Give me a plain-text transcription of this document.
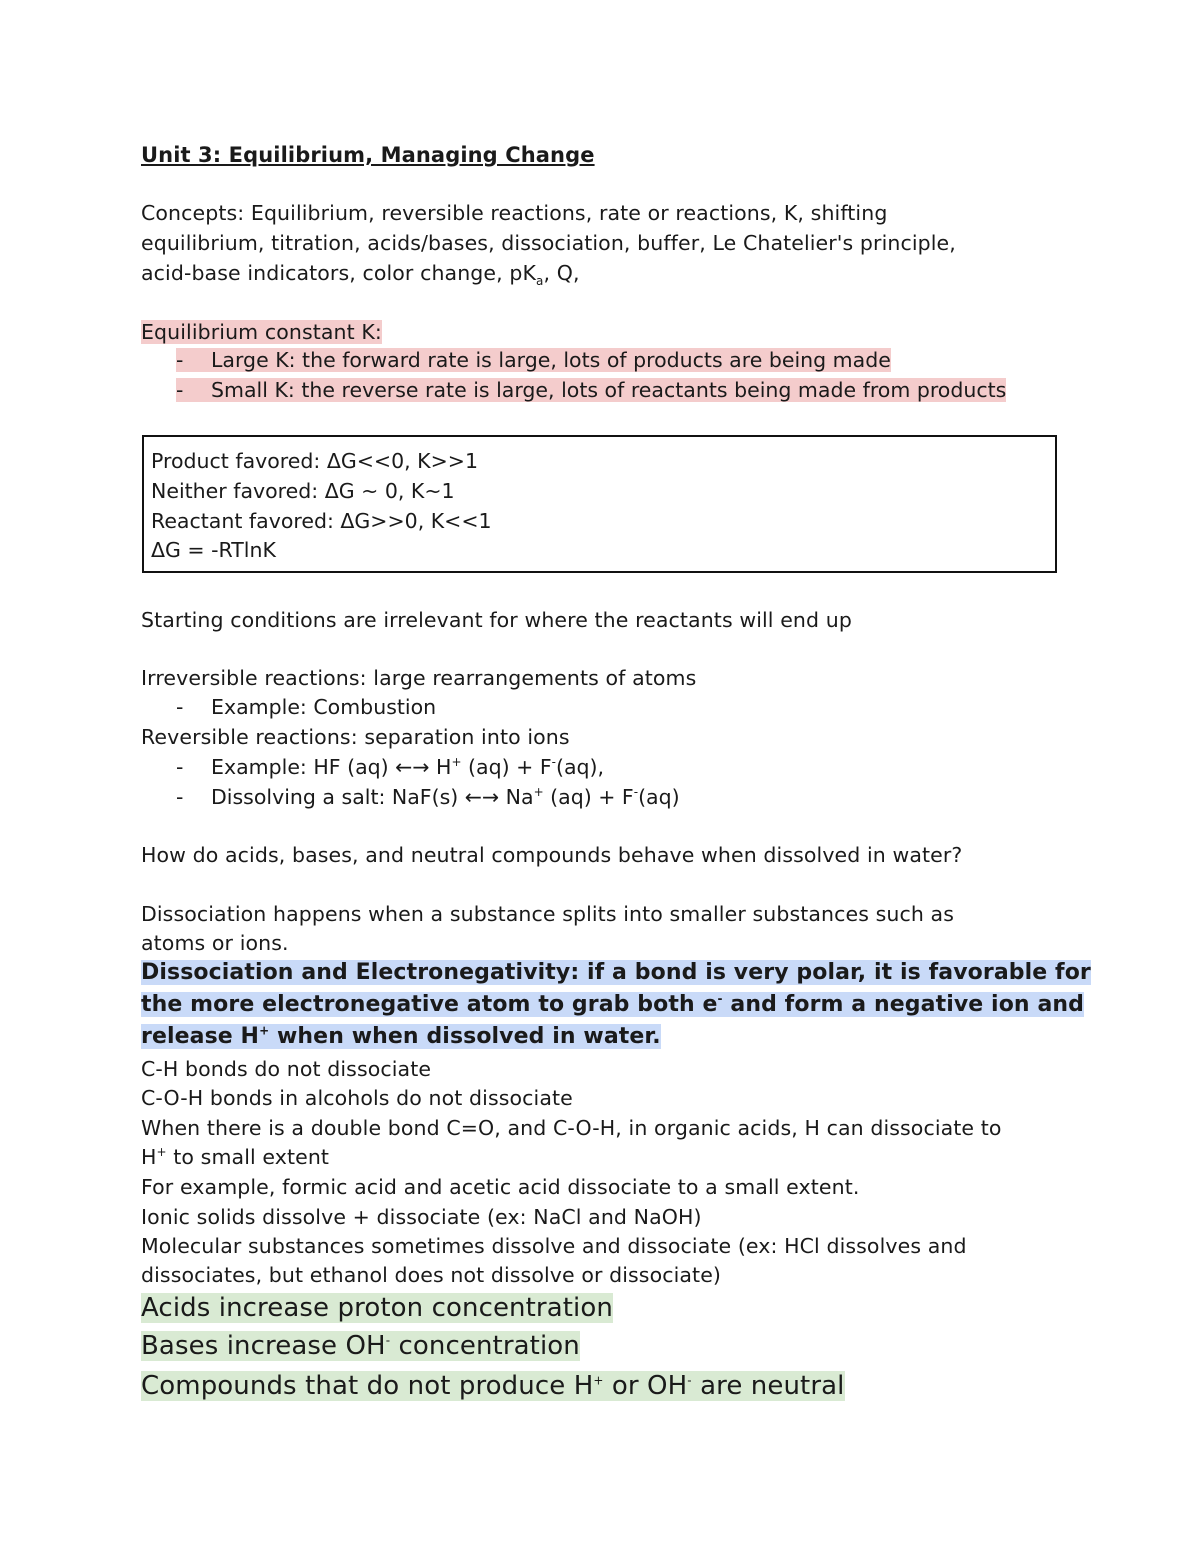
Unit 3: Equilibrium, Managing Change
Concepts: Equilibrium, reversible reactions, rate or reactions, K, shifting
equilibrium, titration, acids/bases, dissociation, buffer, Le Chatelier's principle,
acid-base indicators, color change, $pK_a$, Q,
Equilibrium constant K:
- Large K: the forward rate is large, lots of products are being made
- Small K: the reverse rate is large, lots of reactants being made from products
Product favored: ΔG<<0, K>>1
Neither favored: ΔG ~ 0, K~1
Reactant favored: ΔG>>0, K<<1
ΔG = -RTlnK
Starting conditions are irrelevant for where the reactants will end up
Irreversible reactions: large rearrangements of atoms
- Example: Combustion
Reversible reactions: separation into ions
- Example: HF (aq) ←→ H+ (aq) + F-(aq),
- Dissolving a salt: NaF(s) ←→ Na+ (aq) + F-(aq)
How do acids, bases, and neutral compounds behave when dissolved in water?
Dissociation happens when a substance splits into smaller substances such as
atoms or ions.
Dissociation and Electronegativity: if a bond is very polar, it is favorable for
the more electronegative atom to grab both e- and form a negative ion and
release H+ when when dissolved in water.
C-H bonds do not dissociate
C-O-H bonds in alcohols do not dissociate
When there is a double bond C=O, and C-O-H, in organic acids, H can dissociate to
H+ to small extent
For example, formic acid and acetic acid dissociate to a small extent.
Ionic solids dissolve + dissociate (ex: NaCl and NaOH)
Molecular substances sometimes dissolve and dissociate (ex: HCl dissolves and
dissociates, but ethanol does not dissolve or dissociate)
Acids increase proton concentration
Bases increase OH- concentration
Compounds that do not produce H+ or OH- are neutral
